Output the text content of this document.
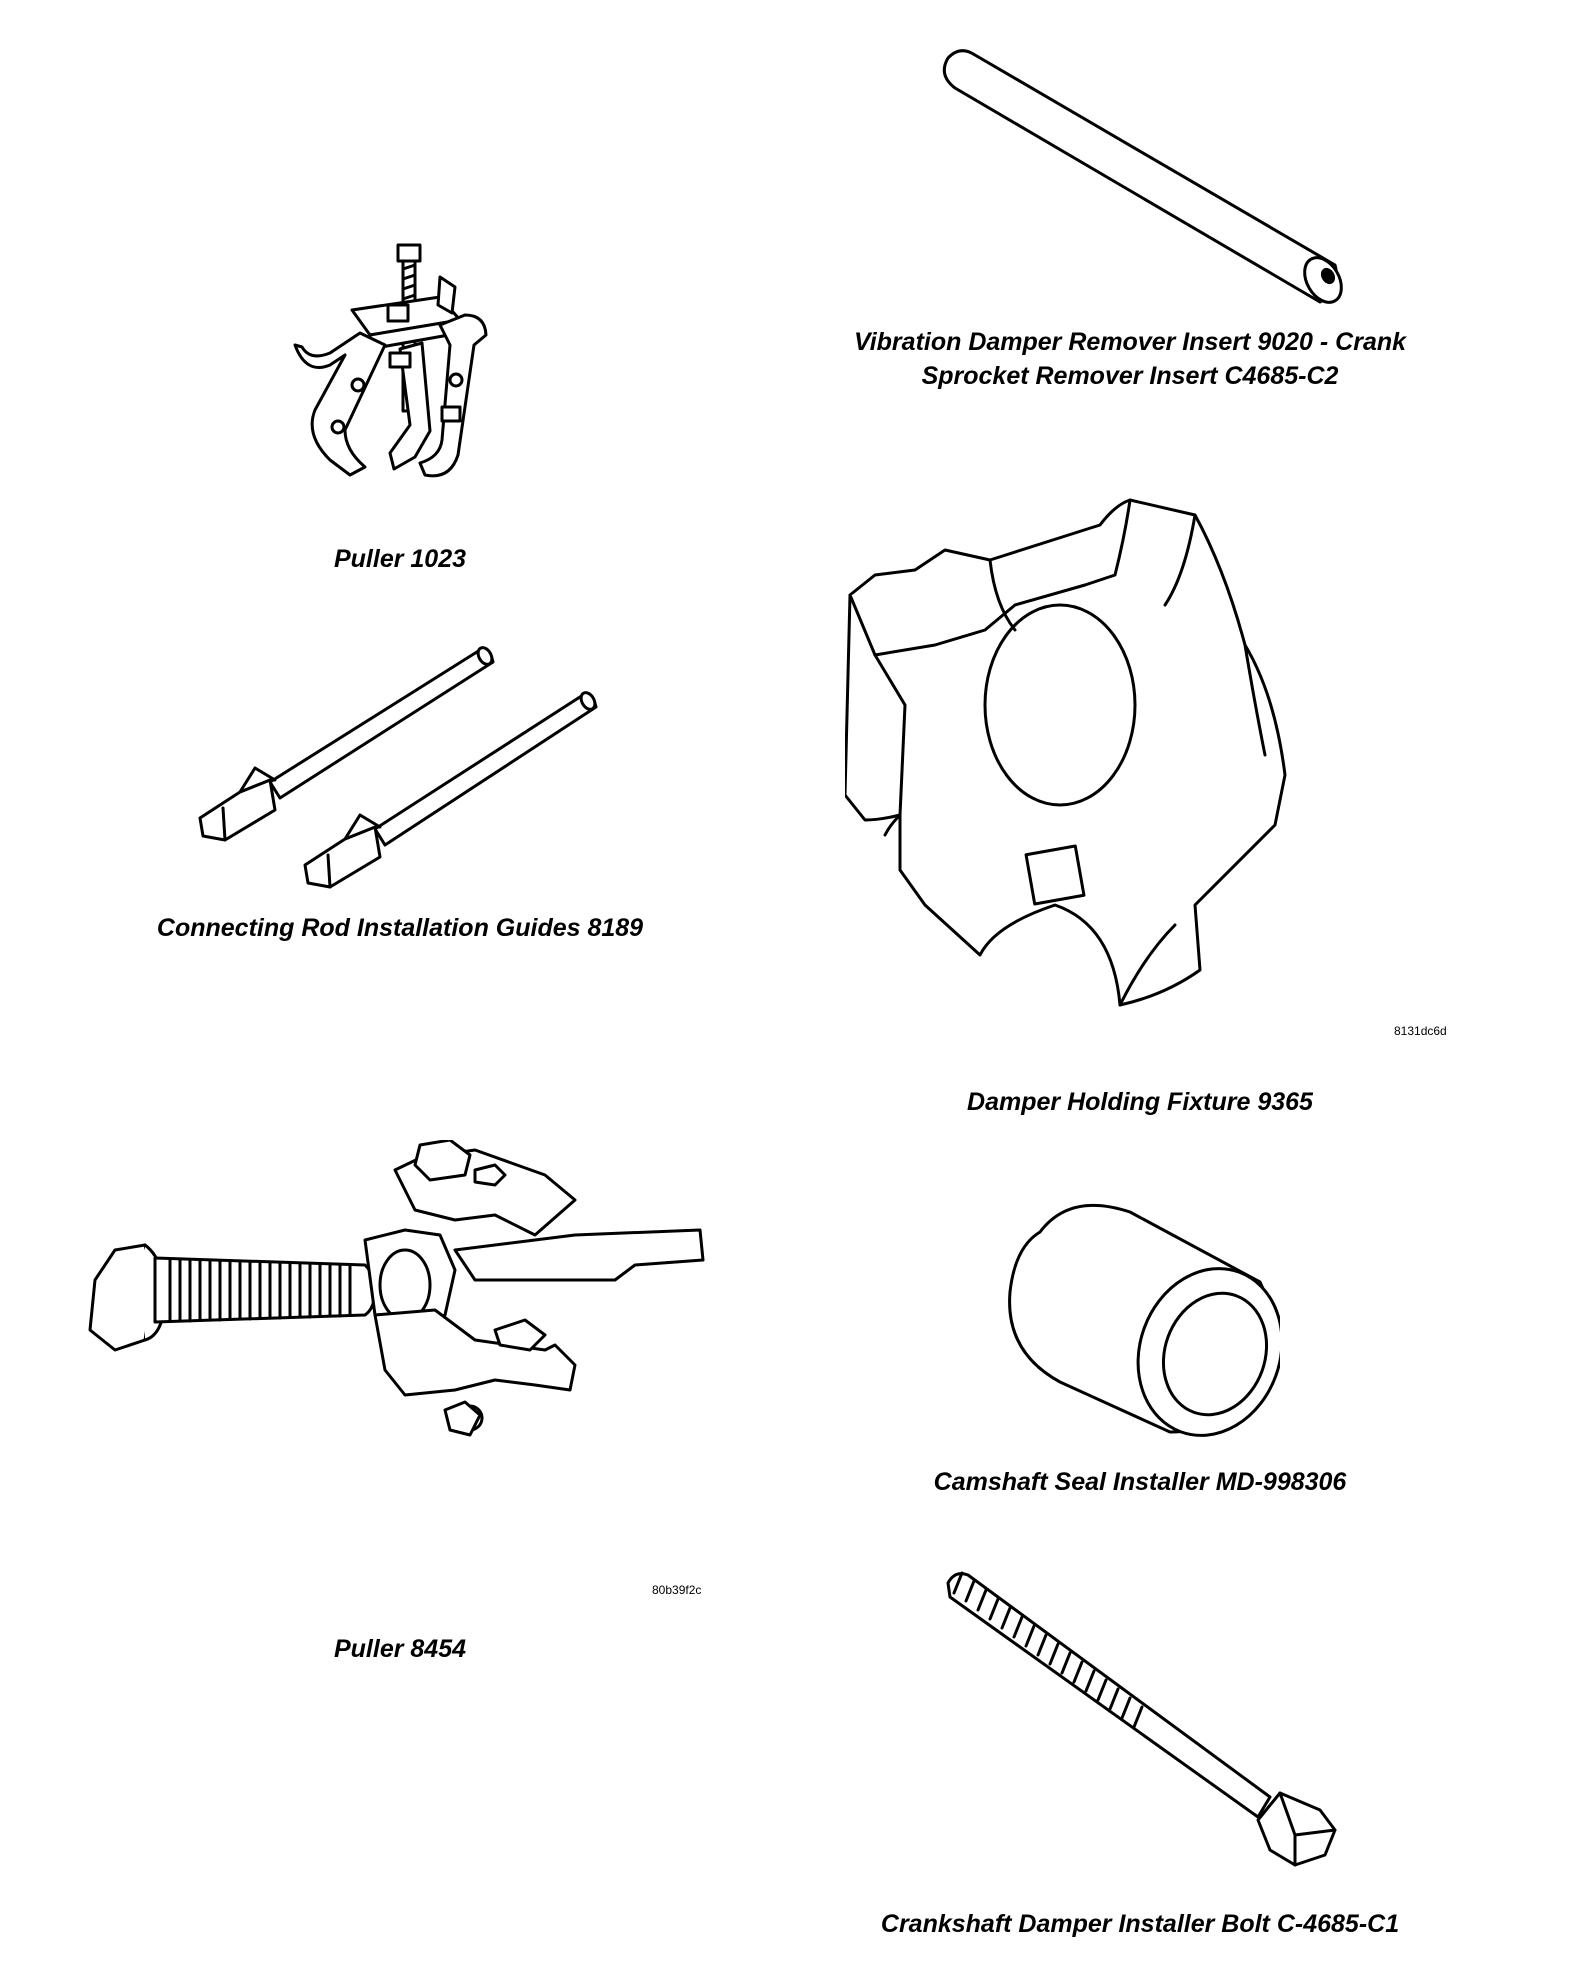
Puller 1023
Connecting Rod Installation Guides 8189
80b39f2c
Puller 8454
Vibration Damper Remover Insert 9020 - Crank
Sprocket Remover Insert C4685-C2
8131dc6d
Damper Holding Fixture 9365
Camshaft Seal Installer MD-998306
Crankshaft Damper Installer Bolt C-4685-C1
